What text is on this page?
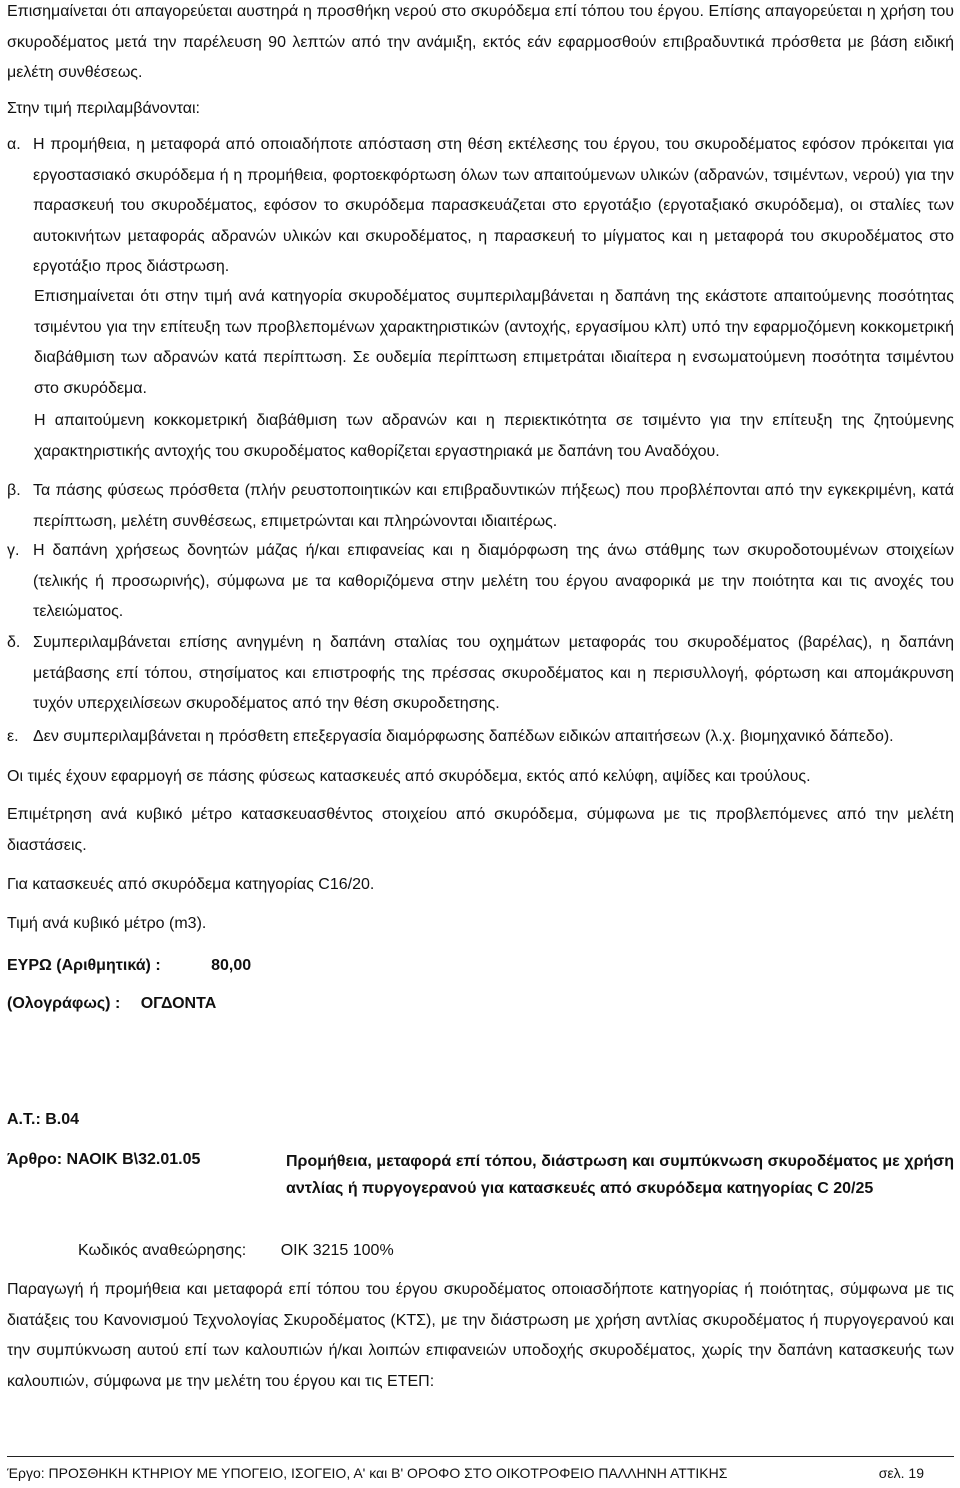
Επισημαίνεται ότι απαγορεύεται αυστηρά η προσθήκη νερού στο σκυρόδεμα επί τόπου του έργου. Επίσης απαγορεύεται η χρήση του σκυροδέματος μετά την παρέλευση 90 λεπτών από την ανάμιξη, εκτός εάν εφαρμοσθούν επιβραδυντικά πρόσθετα με βάση ειδική μελέτη συνθέσεως.

Στην τιμή περιλαμβάνονται:

α. Η προμήθεια, η μεταφορά από οποιαδήποτε απόσταση στη θέση εκτέλεσης του έργου, του σκυροδέματος εφόσον πρόκειται για εργοστασιακό σκυρόδεμα ή η προμήθεια, φορτοεκφόρτωση όλων των απαιτούμενων υλικών (αδρανών, τσιμέντων, νερού) για την παρασκευή του σκυροδέματος, εφόσον το σκυρόδεμα παρασκευάζεται στο εργοτάξιο (εργοταξιακό σκυρόδεμα), οι σταλίες των αυτοκινήτων μεταφοράς αδρανών υλικών και σκυροδέματος, η παρασκευή το μίγματος και η μεταφορά του σκυροδέματος στο εργοτάξιο προς διάστρωση.

Επισημαίνεται ότι στην τιμή ανά κατηγορία σκυροδέματος συμπεριλαμβάνεται η δαπάνη της εκάστοτε απαιτούμενης ποσότητας τσιμέντου για την επίτευξη των προβλεπομένων χαρακτηριστικών (αντοχής, εργασίμου κλπ) υπό την εφαρμοζόμενη κοκκομετρική διαβάθμιση των αδρανών κατά περίπτωση. Σε ουδεμία περίπτωση επιμετράται ιδιαίτερα η ενσωματούμενη ποσότητα τσιμέντου στο σκυρόδεμα.

Η απαιτούμενη κοκκομετρική διαβάθμιση των αδρανών και η περιεκτικότητα σε τσιμέντο για την επίτευξη της ζητούμενης χαρακτηριστικής αντοχής του σκυροδέματος καθορίζεται εργαστηριακά με δαπάνη του Αναδόχου.

β. Τα πάσης φύσεως πρόσθετα (πλήν ρευστοποιητικών και επιβραδυντικών πήξεως) που προβλέπονται από την εγκεκριμένη, κατά περίπτωση, μελέτη συνθέσεως, επιμετρώνται και πληρώνονται ιδιαιτέρως.
γ. Η δαπάνη χρήσεως δονητών μάζας ή/και επιφανείας και η διαμόρφωση της άνω στάθμης των σκυροδοτουμένων στοιχείων (τελικής ή προσωρινής), σύμφωνα με τα καθοριζόμενα στην μελέτη του έργου αναφορικά με την ποιότητα και τις ανοχές του τελειώματος.
δ. Συμπεριλαμβάνεται επίσης ανηγμένη η δαπάνη σταλίας του οχημάτων μεταφοράς του σκυροδέματος (βαρέλας), η δαπάνη μετάβασης επί τόπου, στησίματος και επιστροφής της πρέσσας σκυροδέματος και η περισυλλογή, φόρτωση και απομάκρυνση τυχόν υπερχειλίσεων σκυροδέματος από την θέση σκυροδετησης.
ε. Δεν συμπεριλαμβάνεται η πρόσθετη επεξεργασία διαμόρφωσης δαπέδων ειδικών απαιτήσεων (λ.χ. βιομηχανικό δάπεδο).

Οι τιμές έχουν εφαρμογή σε πάσης φύσεως κατασκευές από σκυρόδεμα, εκτός από κελύφη, αψίδες και τρούλους.

Επιμέτρηση ανά κυβικό μέτρο κατασκευασθέντος στοιχείου από σκυρόδεμα, σύμφωνα με τις προβλεπόμενες από την μελέτη διαστάσεις.

Για κατασκευές από σκυρόδεμα κατηγορίας C16/20.

Τιμή ανά κυβικό μέτρο (m3).

ΕΥΡΩ (Αριθμητικά) :	80,00
(Ολογράφως) : ΟΓΔΟΝΤΑ
Α.Τ.: Β.04
Άρθρο: ΝΑΟΙΚ Β\32.01.05	Προμήθεια, μεταφορά επί τόπου, διάστρωση και συμπύκνωση σκυροδέματος με χρήση αντλίας ή πυργογερανού για κατασκευές από σκυρόδεμα κατηγορίας C 20/25
Κωδικός αναθεώρησης: ΟΙΚ 3215 100%

Παραγωγή ή προμήθεια και μεταφορά επί τόπου του έργου σκυροδέματος οποιασδήποτε κατηγορίας ή ποιότητας, σύμφωνα με τις διατάξεις του Κανονισμού Τεχνολογίας Σκυροδέματος (ΚΤΣ), με την διάστρωση με χρήση αντλίας σκυροδέματος ή πυργογερανού και την συμπύκνωση αυτού επί των καλουπιών ή/και λοιπών επιφανειών υποδοχής σκυροδέματος, χωρίς την δαπάνη κατασκευής των καλουπιών, σύμφωνα με την μελέτη του έργου και τις ΕΤΕΠ:

Έργο: ΠΡΟΣΘΗΚΗ ΚΤΗΡΙΟΥ ΜΕ ΥΠΟΓΕΙΟ, ΙΣΟΓΕΙΟ, Α' και Β' ΟΡΟΦΟ ΣΤΟ ΟΙΚΟΤΡΟΦΕΙΟ ΠΑΛΛΗΝΗ ΑΤΤΙΚΗΣ	σελ. 19
